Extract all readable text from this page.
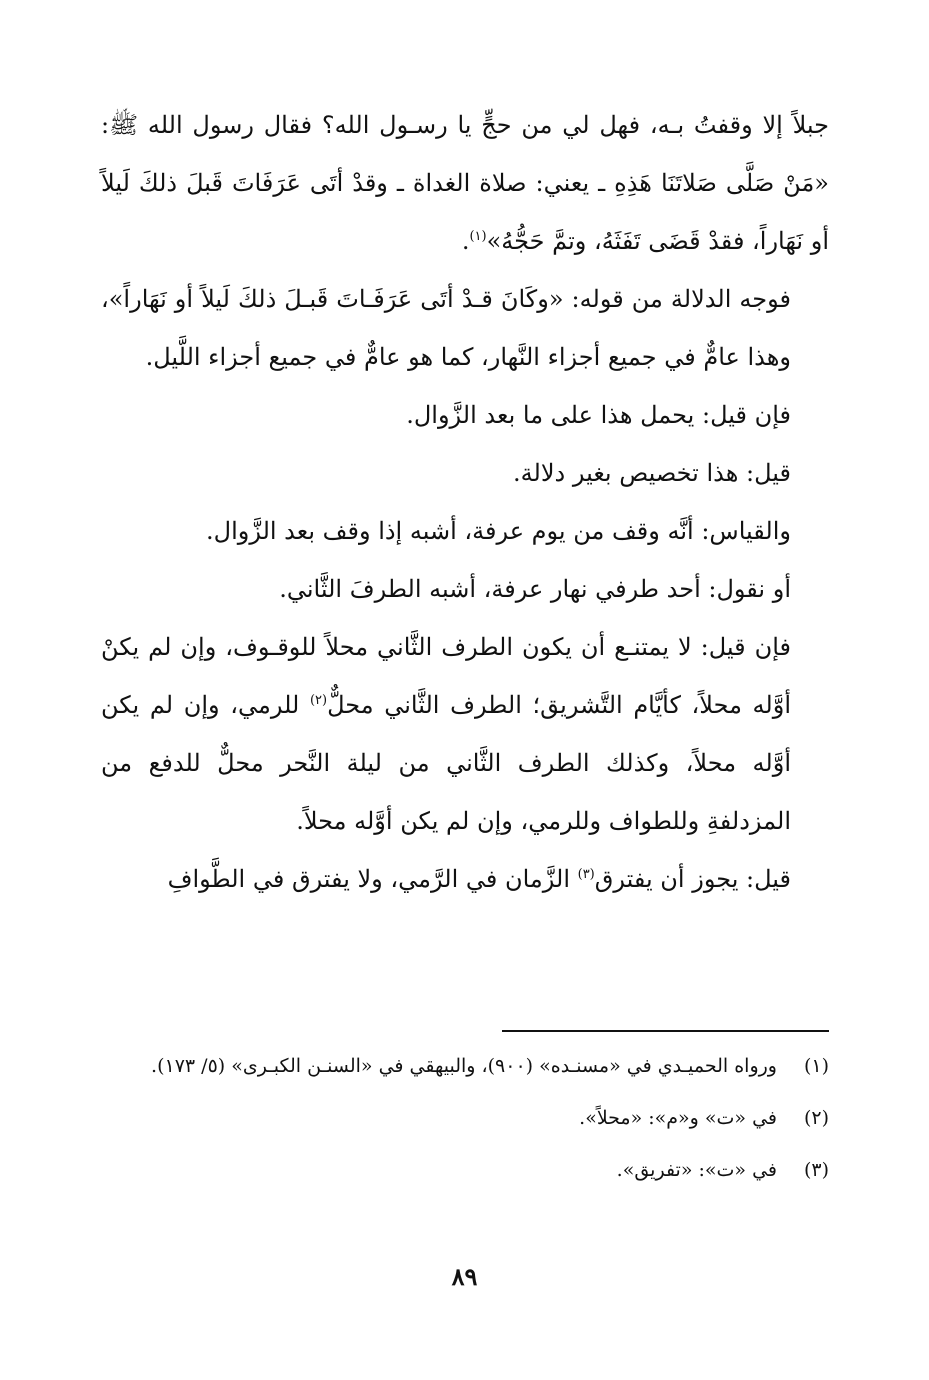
جبلاً إلا وقفتُ بـه، فهل لي من حجٍّ يا رسـول الله؟ فقال رسول الله ﷺ: «مَنْ صَلَّى صَلاتَنَا هَذِهِ ـ يعني: صلاة الغداة ـ وقدْ أتَى عَرَفَاتَ قَبلَ ذلكَ لَيلاً أو نَهَاراً، فقدْ قَضَى تَفَثَهُ، وتمَّ حَجُّهُ»$^{(١)}$.

فوجه الدلالة من قوله: «وكَانَ قـدْ أتَى عَرَفَـاتَ قَبـلَ ذلكَ لَيلاً أو نَهَاراً»، وهذا عامٌّ في جميع أجزاء النَّهار، كما هو عامٌّ في جميع أجزاء اللَّيل.

فإن قيل: يحمل هذا على ما بعد الزَّوال.

قيل: هذا تخصيص بغير دلالة.

والقياس: أنَّه وقف من يوم عرفة، أشبه إذا وقف بعد الزَّوال.

أو نقول: أحد طرفي نهار عرفة، أشبه الطرفَ الثَّاني.

فإن قيل: لا يمتنـع أن يكون الطرف الثَّاني محلاً للوقـوف، وإن لم يكنْ أوَّله محلاً، كأيَّام التَّشريق؛ الطرف الثَّاني محلٌّ$^{(٢)}$ للرمي، وإن لم يكن أوَّله محلاً، وكذلك الطرف الثَّاني من ليلة النَّحر محلٌّ للدفع من المزدلفةِ وللطواف وللرمي، وإن لم يكن أوَّله محلاً.

قيل: يجوز أن يفترق$^{(٣)}$ الزَّمان في الرَّمي، ولا يفترق في الطَّوافِ

(١)
ورواه الحميـدي في «مسنـده» (٩٠٠)، والبيهقي في «السنـن الكبـرى» (٥/ ١٧٣).
(٢)
في «ت» و«م»: «محلاً».
(٣)
في «ت»: «تفريق».
٨٩
